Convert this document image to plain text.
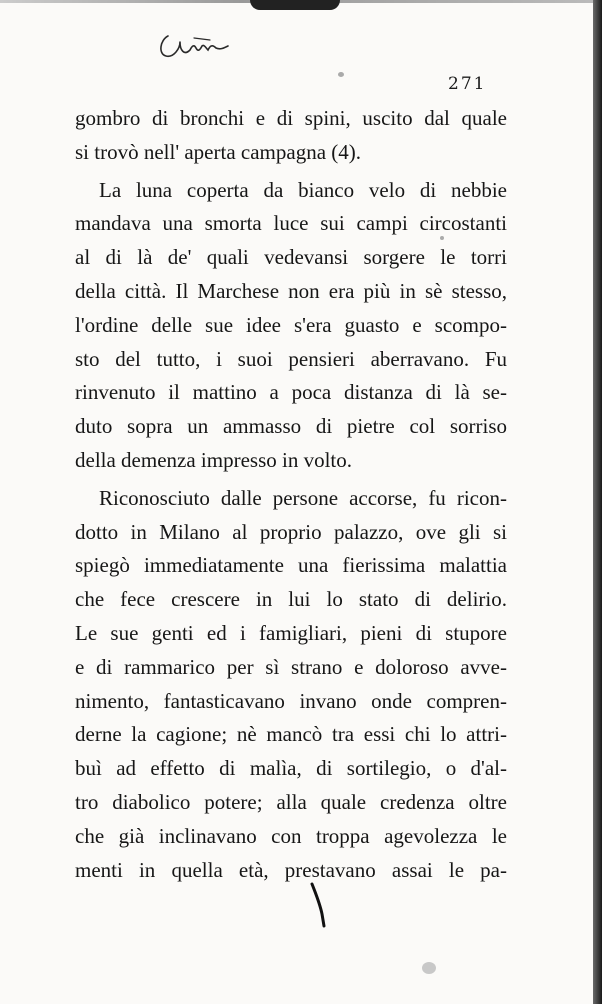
271
gombro di bronchi e di spini, uscito dal quale
si trovò nell' aperta campagna (4).
La luna coperta da bianco velo di nebbie
mandava una smorta luce sui campi circostanti
al di là de' quali vedevansi sorgere le torri
della città. Il Marchese non era più in sè stesso,
l'ordine delle sue idee s'era guasto e scompo-
sto del tutto, i suoi pensieri aberravano. Fu
rinvenuto il mattino a poca distanza di là se-
duto sopra un ammasso di pietre col sorriso
della demenza impresso in volto.
Riconosciuto dalle persone accorse, fu ricon-
dotto in Milano al proprio palazzo, ove gli si
spiegò immediatamente una fierissima malattia
che fece crescere in lui lo stato di delirio.
Le sue genti ed i famigliari, pieni di stupore
e di rammarico per sì strano e doloroso avve-
nimento, fantasticavano invano onde compren-
derne la cagione; nè mancò tra essi chi lo attri-
buì ad effetto di malìa, di sortilegio, o d'al-
tro diabolico potere; alla quale credenza oltre
che già inclinavano con troppa agevolezza le
menti in quella età, prestavano assai le pa-
